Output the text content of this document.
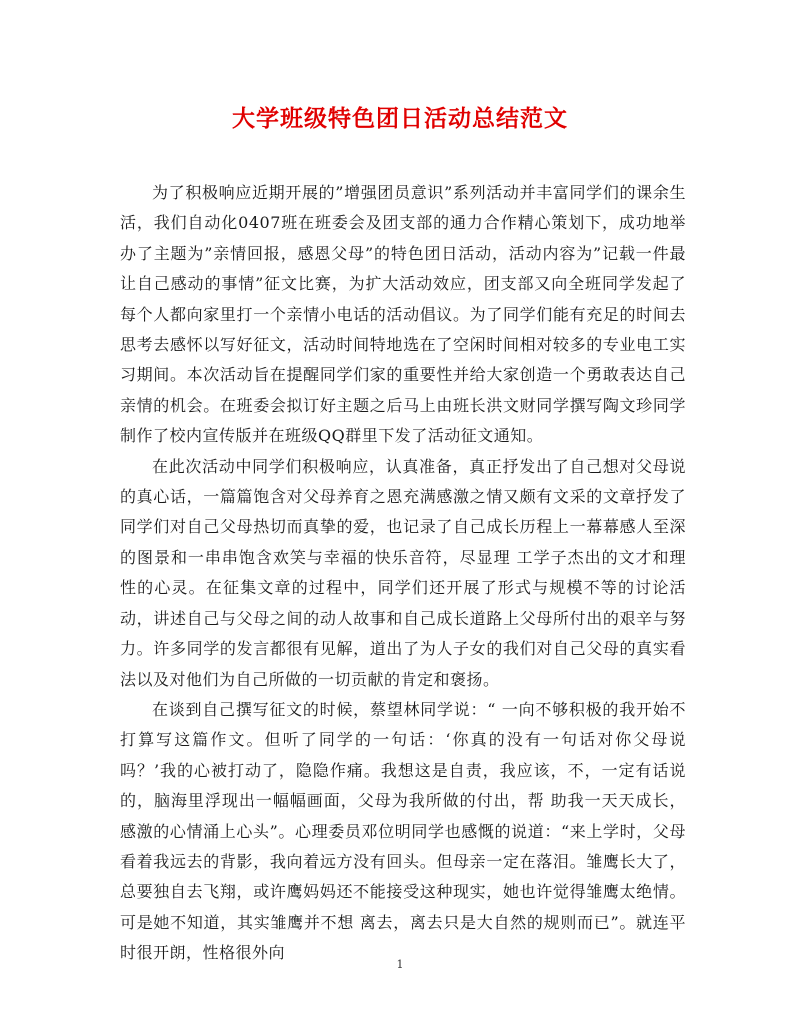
大学班级特色团日活动总结范文

为了积极响应近期开展的”增强团员意识”系列活动并丰富同学们的课余生活，我们自动化0407班在班委会及团支部的通力合作精心策划下，成功地举办了主题为”亲情回报，感恩父母”的特色团日活动，活动内容为”记载一件最让自己感动的事情”征文比赛，为扩大活动效应，团支部又向全班同学发起了每个人都向家里打一个亲情小电话的活动倡议。为了同学们能有充足的时间去思考去感怀以写好征文，活动时间特地选在了空闲时间相对较多的专业电工实习期间。本次活动旨在提醒同学们家的重要性并给大家创造一个勇敢表达自己亲情的机会。在班委会拟订好主题之后马上由班长洪文财同学撰写陶文珍同学制作了校内宣传版并在班级QQ群里下发了活动征文通知。

在此次活动中同学们积极响应，认真准备，真正抒发出了自己想对父母说的真心话，一篇篇饱含对父母养育之恩充满感激之情又颇有文采的文章抒发了同学们对自己父母热切而真挚的爱，也记录了自己成长历程上一幕幕感人至深的图景和一串串饱含欢笑与幸福的快乐音符，尽显理 工学子杰出的文才和理性的心灵。在征集文章的过程中，同学们还开展了形式与规模不等的讨论活动，讲述自己与父母之间的动人故事和自己成长道路上父母所付出的艰辛与努力。许多同学的发言都很有见解，道出了为人子女的我们对自己父母的真实看法以及对他们为自己所做的一切贡献的肯定和褒扬。

在谈到自己撰写征文的时候，蔡望林同学说：“ 一向不够积极的我开始不打算写这篇作文。但听了同学的一句话：‘你真的没有一句话对你父母说吗？’我的心被打动了，隐隐作痛。我想这是自责，我应该，不，一定有话说的，脑海里浮现出一幅幅画面，父母为我所做的付出，帮 助我一天天成长，感激的心情涌上心头”。心理委员邓位明同学也感慨的说道：“来上学时，父母看着我远去的背影，我向着远方没有回头。但母亲一定在落泪。雏鹰长大了， 总要独自去飞翔，或许鹰妈妈还不能接受这种现实，她也许觉得雏鹰太绝情。可是她不知道，其实雏鹰并不想 离去，离去只是大自然的规则而已”。就连平时很开朗，性格很外向

1
